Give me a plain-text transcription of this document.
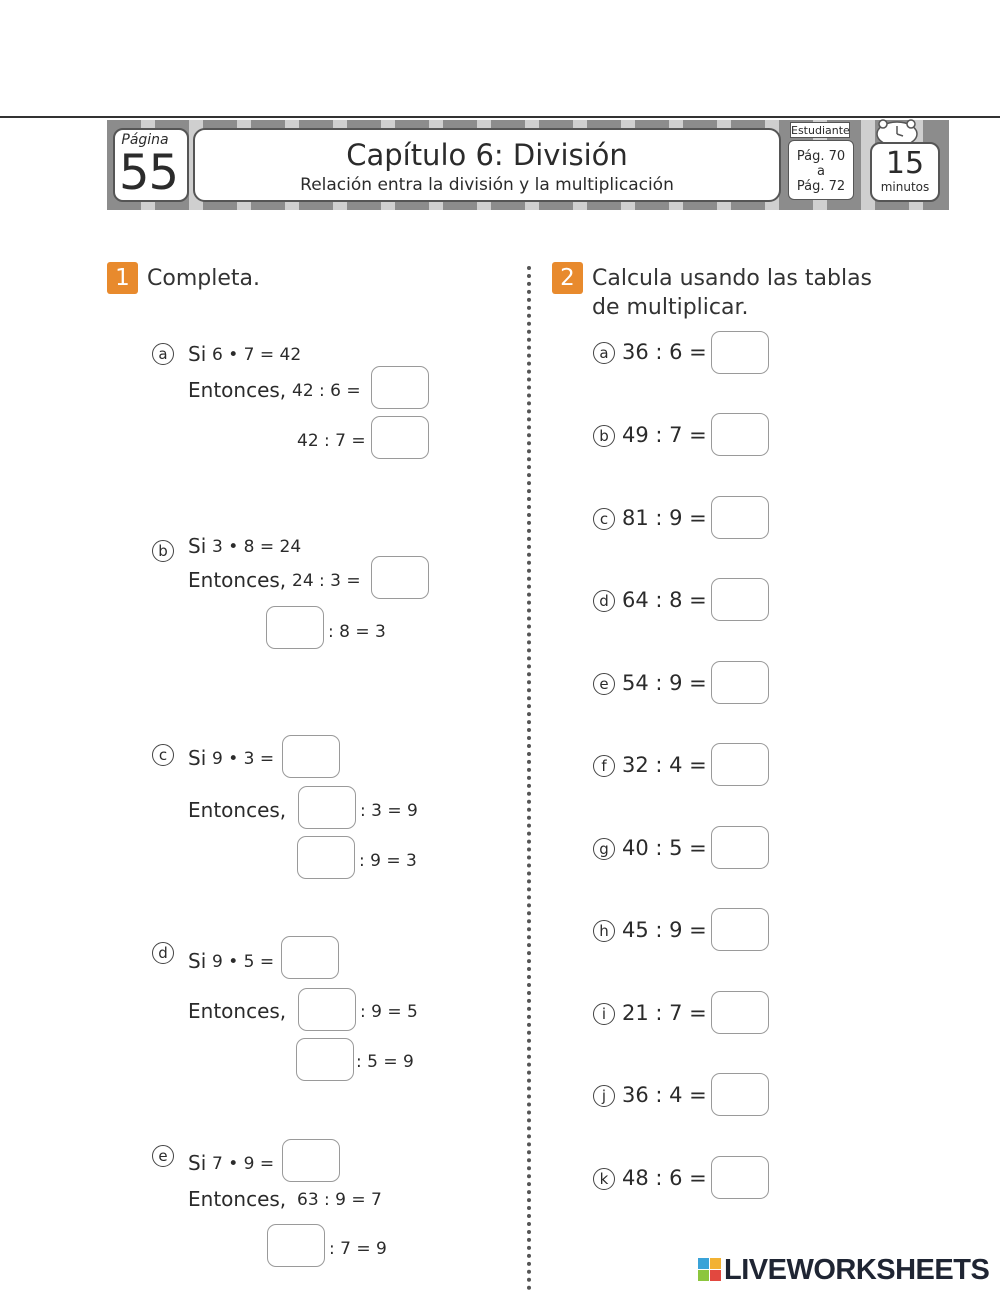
Página
55	Capítulo 6: División
Relación entra la división y la multiplicación
Estudiante
Pág. 70
a
Pág. 72
15
minutos
1 Completa.
a	Si 6 • 7 = 42
Entonces, 42 : 6 =
42 : 7 =
b	Si 3 • 8 = 24
Entonces, 24 : 3 =
: 8 = 3
c	Si 9 • 3 =
Entonces,	: 3 = 9
: 9 = 3
d	Si 9 • 5 =
Entonces,	: 9 = 5
: 5 = 9
e	Si 7 • 9 =
Entonces, 63 : 9 = 7
: 7 = 9
2 Calcula usando las tablas
de multiplicar.
a 36 : 6 =
b 49 : 7 =
c 81 : 9 =
d 64 : 8 =
e 54 : 9 =
f 32 : 4 =
g 40 : 5 =
h 45 : 9 =
i 21 : 7 =
j 36 : 4 =
k 48 : 6 =
LIVEWORKSHEETS
